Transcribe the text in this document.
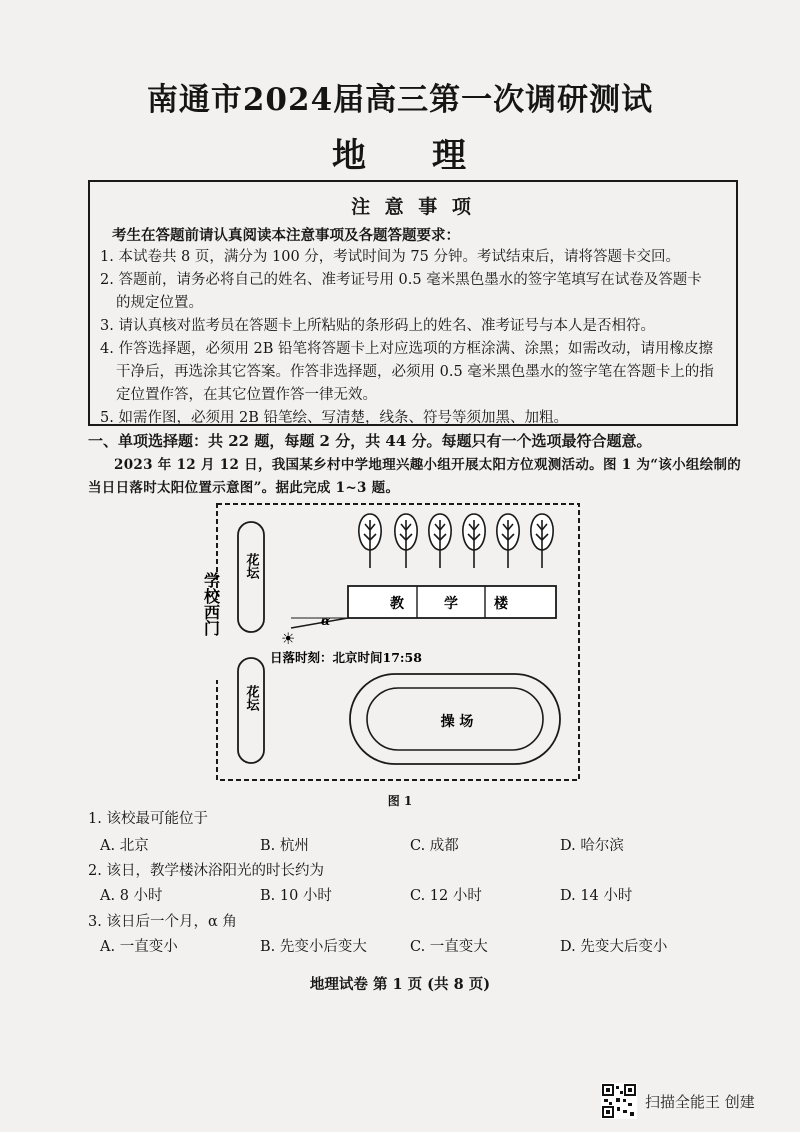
南通市2024届高三第一次调研测试
地 理
注 意 事 项
考生在答题前请认真阅读本注意事项及各题答题要求：

1. 本试卷共 8 页，满分为 100 分，考试时间为 75 分钟。考试结束后，请将答题卡交回。

2. 答题前，请务必将自己的姓名、准考证号用 0.5 毫米黑色墨水的签字笔填写在试卷及答题卡

的规定位置。

3. 请认真核对监考员在答题卡上所粘贴的条形码上的姓名、准考证号与本人是否相符。

4. 作答选择题，必须用 2B 铅笔将答题卡上对应选项的方框涂满、涂黑；如需改动，请用橡皮擦

干净后，再选涂其它答案。作答非选择题，必须用 0.5 毫米黑色墨水的签字笔在答题卡上的指

定位置作答，在其它位置作答一律无效。

5. 如需作图，必须用 2B 铅笔绘、写清楚，线条、符号等须加黑、加粗。

一、单项选择题：共 22 题，每题 2 分，共 44 分。每题只有一个选项最符合题意。
2023 年 12 月 12 日，我国某乡村中学地理兴趣小组开展太阳方位观测活动。图 1 为“该小组绘制的当日日落时太阳位置示意图”。据此完成 1~3 题。
花坛
花坛
学校西门	教	学	楼
α
☀
日落时刻：北京时间17:58
操 场
图 1
1. 该校最可能位于
A. 北京	B. 杭州	C. 成都	D. 哈尔滨
2. 该日，教学楼沐浴阳光的时长约为
A. 8 小时	B. 10 小时	C. 12 小时	D. 14 小时
3. 该日后一个月，α 角
A. 一直变小	B. 先变小后变大	C. 一直变大	D. 先变大后变小
地理试卷 第 1 页 (共 8 页)
扫描全能王 创建
